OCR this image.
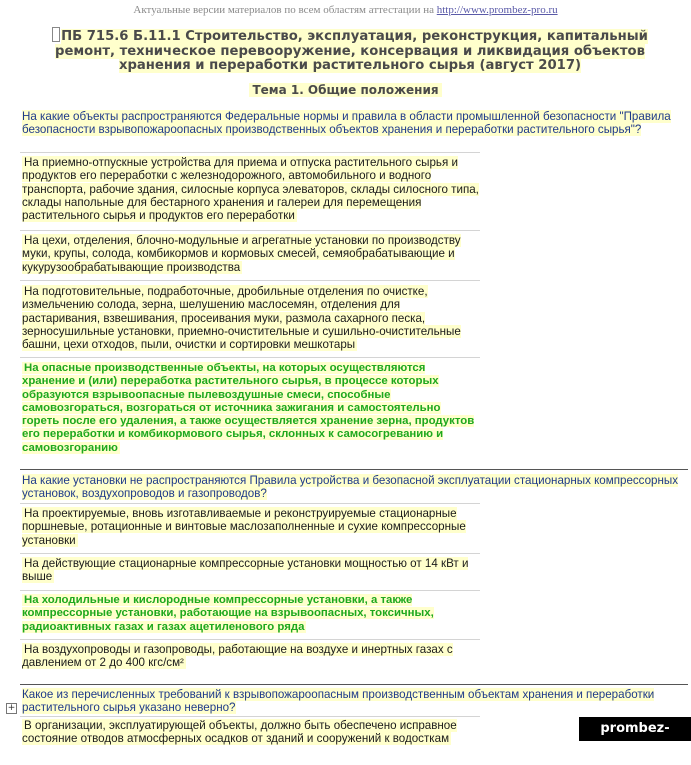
Актуальные версии материалов по всем областям аттестации на http://www.prombez-pro.ru
ПБ 715.6 Б.11.1 Строительство, эксплуатация, реконструкция, капитальный ремонт, техническое перевооружение, консервация и ликвидация объектов хранения и переработки растительного сырья (август 2017)
Тема 1. Общие положения
На какие объекты распространяются Федеральные нормы и правила в области промышленной безопасности "Правила безопасности взрывопожароопасных производственных объектов хранения и переработки растительного сырья"?
На приемно-отпускные устройства для приема и отпуска растительного сырья и продуктов его переработки с железнодорожного, автомобильного и водного транспорта, рабочие здания, силосные корпуса элеваторов, склады силосного типа, склады напольные для бестарного хранения и галереи для перемещения растительного сырья и продуктов его переработки
На цехи, отделения, блочно-модульные и агрегатные установки по производству муки, крупы, солода, комбикормов и кормовых смесей, семяобрабатывающие и кукурузообрабатывающие производства
На подготовительные, подработочные, дробильные отделения по очистке, измельчению солода, зерна, шелушению маслосемян, отделения для растаривания, взвешивания, просеивания муки, размола сахарного песка, зерносушильные установки, приемно-очистительные и сушильно-очистительные башни, цехи отходов, пыли, очистки и сортировки мешкотары
На опасные производственные объекты, на которых осуществляются хранение и (или) переработка растительного сырья, в процессе которых образуются взрывоопасные пылевоздушные смеси, способные самовозгораться, возгораться от источника зажигания и самостоятельно гореть после его удаления, а также осуществляется хранение зерна, продуктов его переработки и комбикормового сырья, склонных к самосогреванию и самовозгоранию
На какие установки не распространяются Правила устройства и безопасной эксплуатации стационарных компрессорных установок, воздухопроводов и газопроводов?
На проектируемые, вновь изготавливаемые и реконструируемые стационарные поршневые, ротационные и винтовые маслозаполненные и сухие компрессорные установки
На действующие стационарные компрессорные установки мощностью от 14 кВт и выше
На холодильные и кислородные компрессорные установки, а также компрессорные установки, работающие на взрывоопасных, токсичных, радиоактивных газах и газах ацетиленового ряда
На воздухопроводы и газопроводы, работающие на воздухе и инертных газах с давлением от 2 до 400 кгс/см²
+
Какое из перечисленных требований к взрывопожароопасным производственным объектам хранения и переработки растительного сырья указано неверно?
В организации, эксплуатирующей объекты, должно быть обеспечено исправное состояние отводов атмосферных осадков от зданий и сооружений к водосткам
prombez-pro.ru
